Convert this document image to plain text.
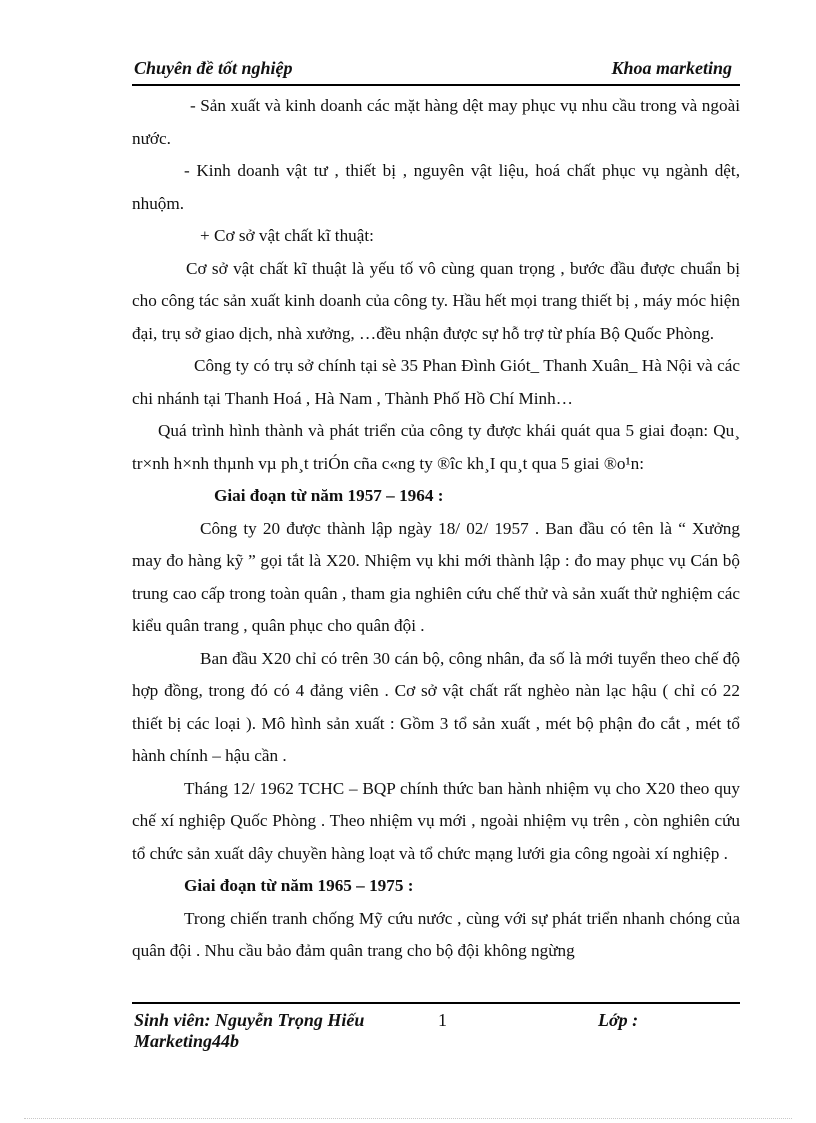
Chuyên đề tốt nghiệp	Khoa marketing

- Sản xuất và kinh doanh các mặt hàng dệt may phục vụ nhu cầu trong và ngoài nước.

- Kinh doanh vật tư , thiết bị , nguyên vật liệu, hoá chất phục vụ ngành dệt, nhuộm.

+ Cơ sở vật chất kĩ thuật:

Cơ sở vật chất kĩ thuật là yếu tố vô cùng quan trọng , bước đầu được chuẩn bị cho công tác sản xuất kinh doanh của công ty. Hầu hết mọi trang thiết bị , máy móc hiện đại, trụ sở giao dịch, nhà xưởng, …đều nhận được sự hỗ trợ từ phía Bộ Quốc Phòng.

Công ty có trụ sở chính tại sè 35 Phan Đình Giót_ Thanh Xuân_ Hà Nội và các chi nhánh tại Thanh Hoá , Hà Nam , Thành Phố Hồ Chí Minh…

Quá trình hình thành và phát triển của công ty được khái quát qua 5 giai đoạn: Qu¸ tr×nh h×nh thµnh vµ ph¸t triÓn cña c«ng ty ®îc kh¸I qu¸t qua 5 giai ®o¹n:

Giai đoạn từ năm 1957 – 1964 :

Công ty 20 được thành lập ngày 18/ 02/ 1957 . Ban đầu có tên là “ Xưởng may đo hàng kỹ ” gọi tắt là X20. Nhiệm vụ khi mới thành lập : đo may phục vụ Cán bộ trung cao cấp trong toàn quân , tham gia nghiên cứu chế thử và sản xuất thử nghiệm các kiểu quân trang , quân phục cho quân đội .

Ban đầu X20 chỉ có trên 30 cán bộ, công nhân, đa số là mới tuyển theo chế độ hợp đồng, trong đó có 4 đảng viên . Cơ sở vật chất rất nghèo nàn lạc hậu ( chỉ có 22 thiết bị các loại ). Mô hình sản xuất : Gồm 3 tổ sản xuất , mét bộ phận đo cắt , mét tổ hành chính – hậu cần .

Tháng 12/ 1962 TCHC – BQP chính thức ban hành nhiệm vụ cho X20 theo quy chế xí nghiệp Quốc Phòng . Theo nhiệm vụ mới , ngoài nhiệm vụ trên , còn nghiên cứu tổ chức sản xuất dây chuyền hàng loạt và tổ chức mạng lưới gia công ngoài xí nghiệp .

Giai đoạn từ năm 1965 – 1975 :

Trong chiến tranh chống Mỹ cứu nước , cùng với sự phát triển nhanh chóng của quân đội . Nhu cầu bảo đảm quân trang cho bộ đội không ngừng

Sinh viên: Nguyễn Trọng Hiếu Marketing44b
1	Lớp :
